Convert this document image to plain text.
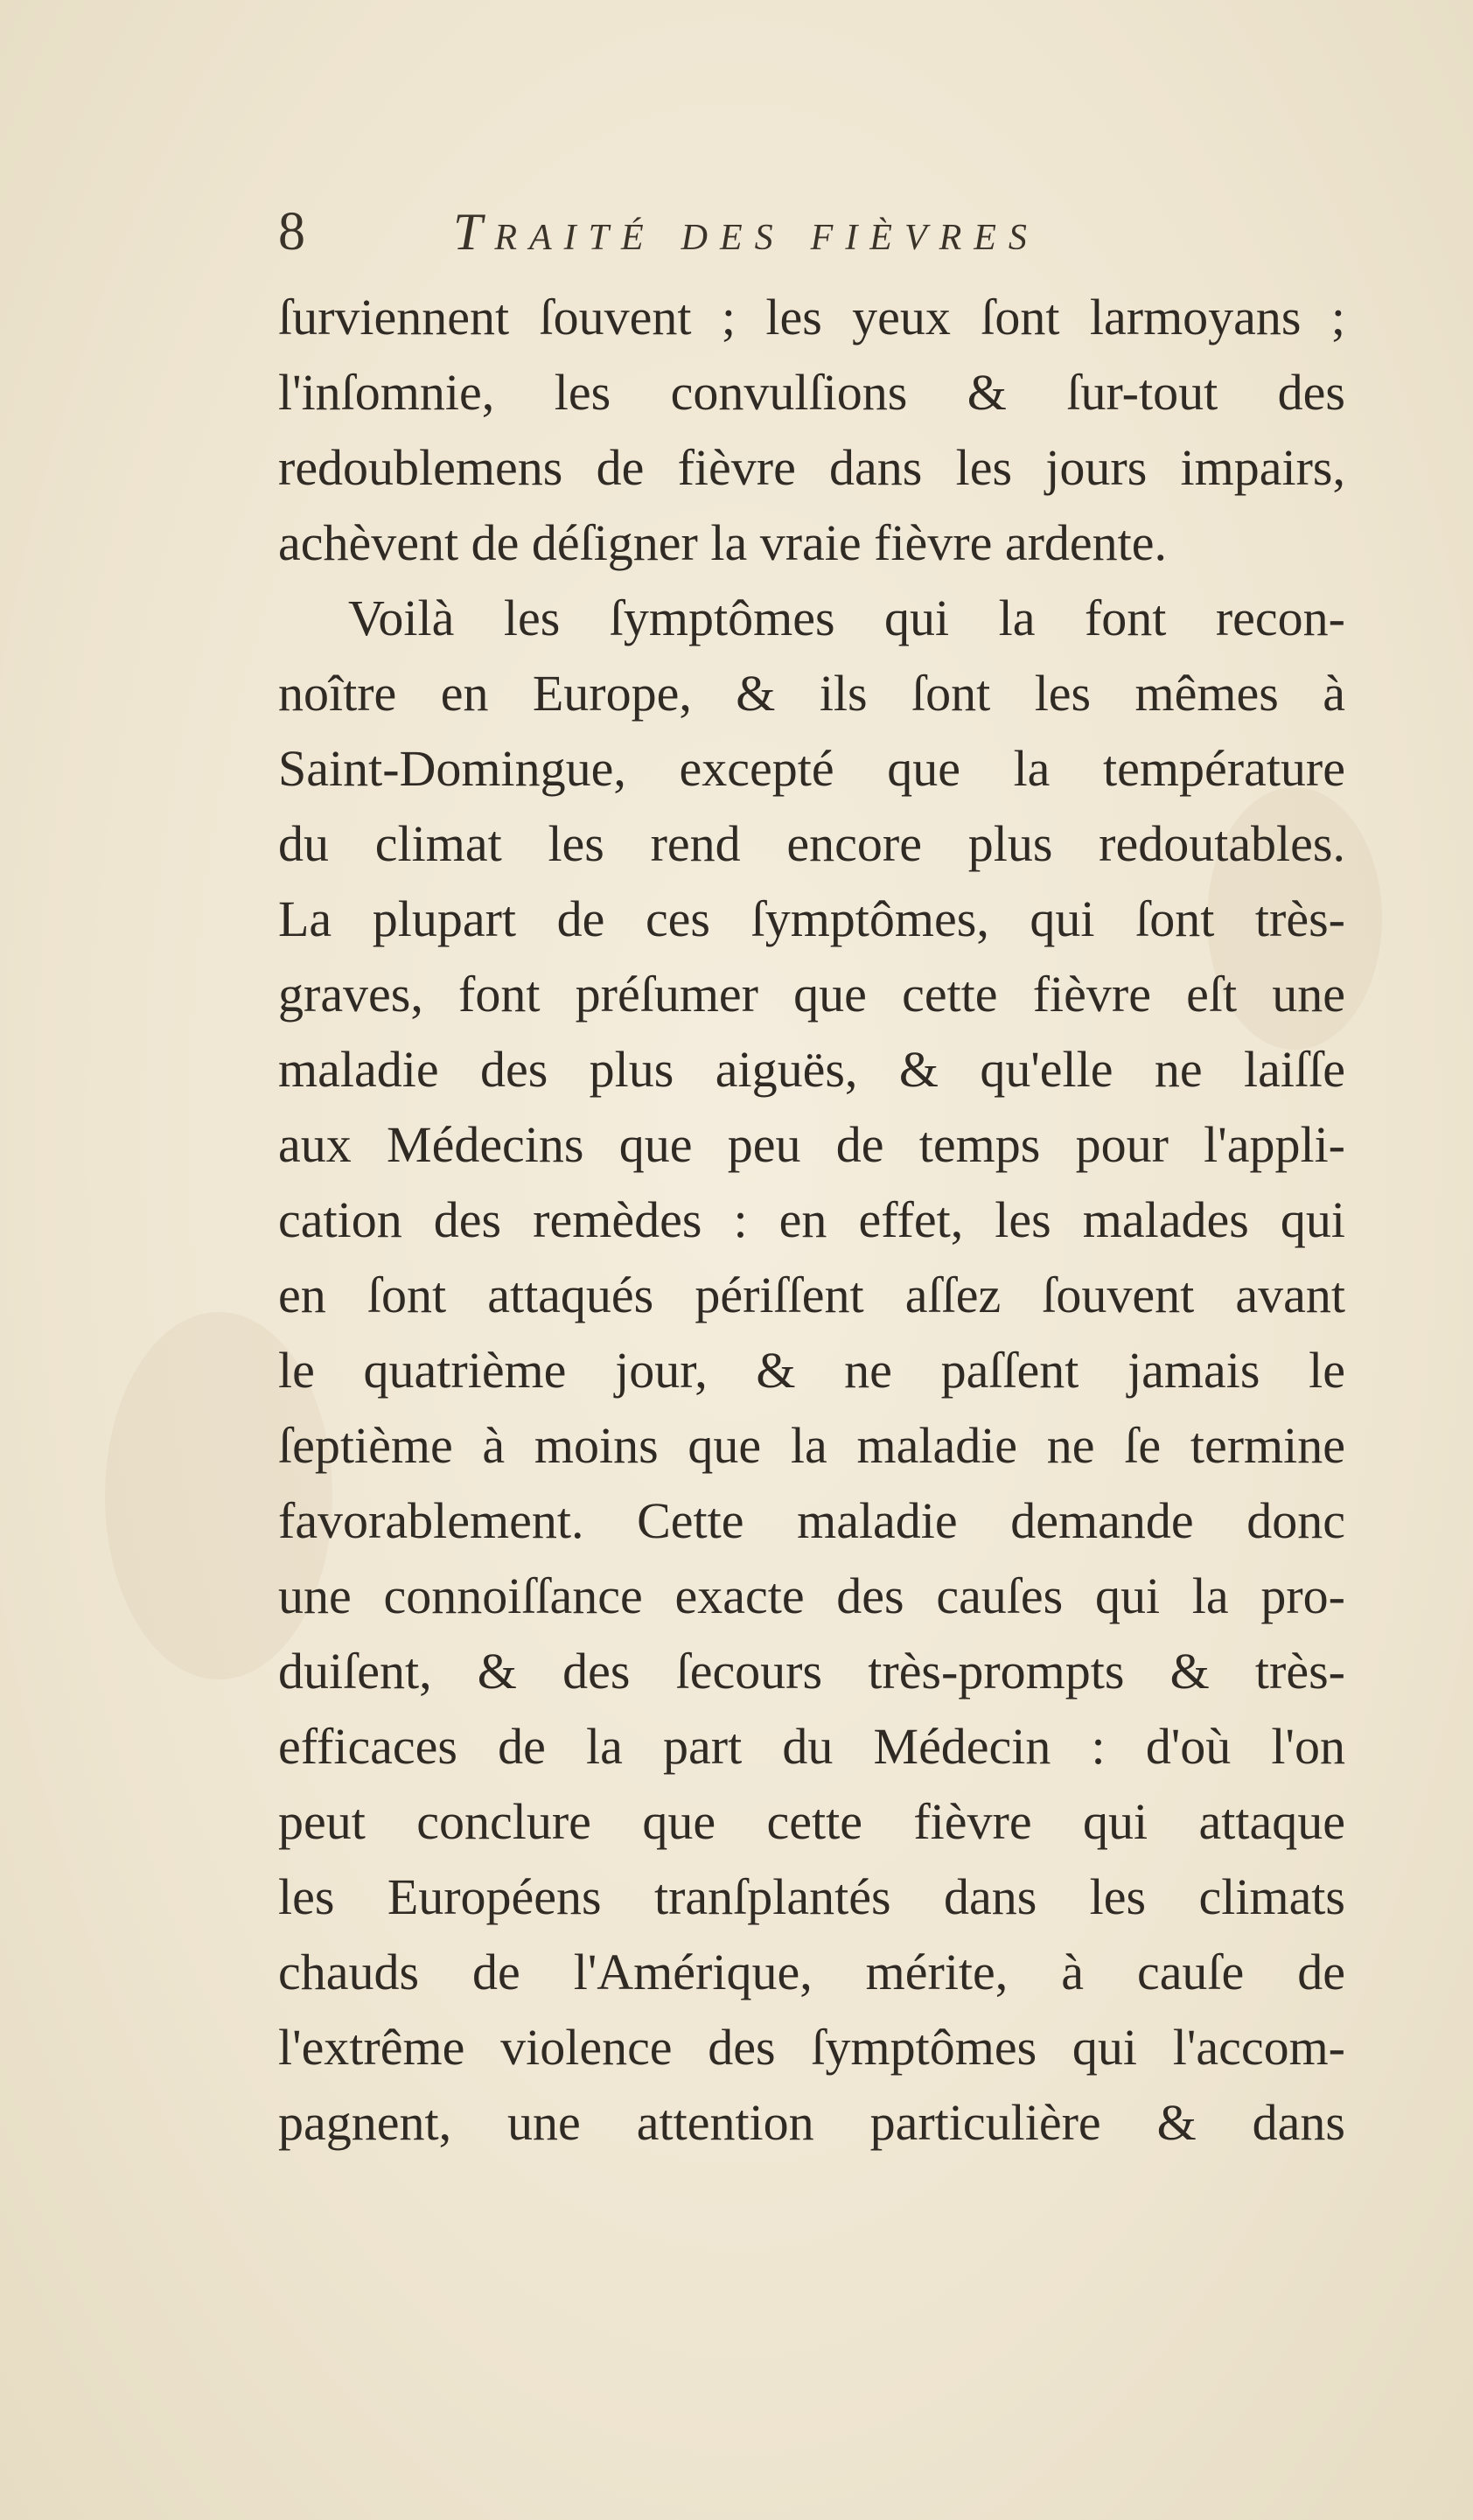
8	Traité des fièvres
ſurviennent ſouvent ; les yeux ſont larmoyans ;
l'inſomnie, les convulſions & ſur-tout des
redoublemens de fièvre dans les jours impairs,
achèvent de déſigner la vraie fièvre ardente.
Voilà les ſymptômes qui la font recon-
noître en Europe, & ils ſont les mêmes à
Saint-Domingue, excepté que la température
du climat les rend encore plus redoutables.
La plupart de ces ſymptômes, qui ſont très-
graves, font préſumer que cette fièvre eſt une
maladie des plus aiguës, & qu'elle ne laiſſe
aux Médecins que peu de temps pour l'appli-
cation des remèdes : en effet, les malades qui
en ſont attaqués périſſent aſſez ſouvent avant
le quatrième jour, & ne paſſent jamais le
ſeptième à moins que la maladie ne ſe termine
favorablement. Cette maladie demande donc
une connoiſſance exacte des cauſes qui la pro-
duiſent, & des ſecours très-prompts & très-
efficaces de la part du Médecin : d'où l'on
peut conclure que cette fièvre qui attaque
les Européens tranſplantés dans les climats
chauds de l'Amérique, mérite, à cauſe de
l'extrême violence des ſymptômes qui l'accom-
pagnent, une attention particulière & dans
